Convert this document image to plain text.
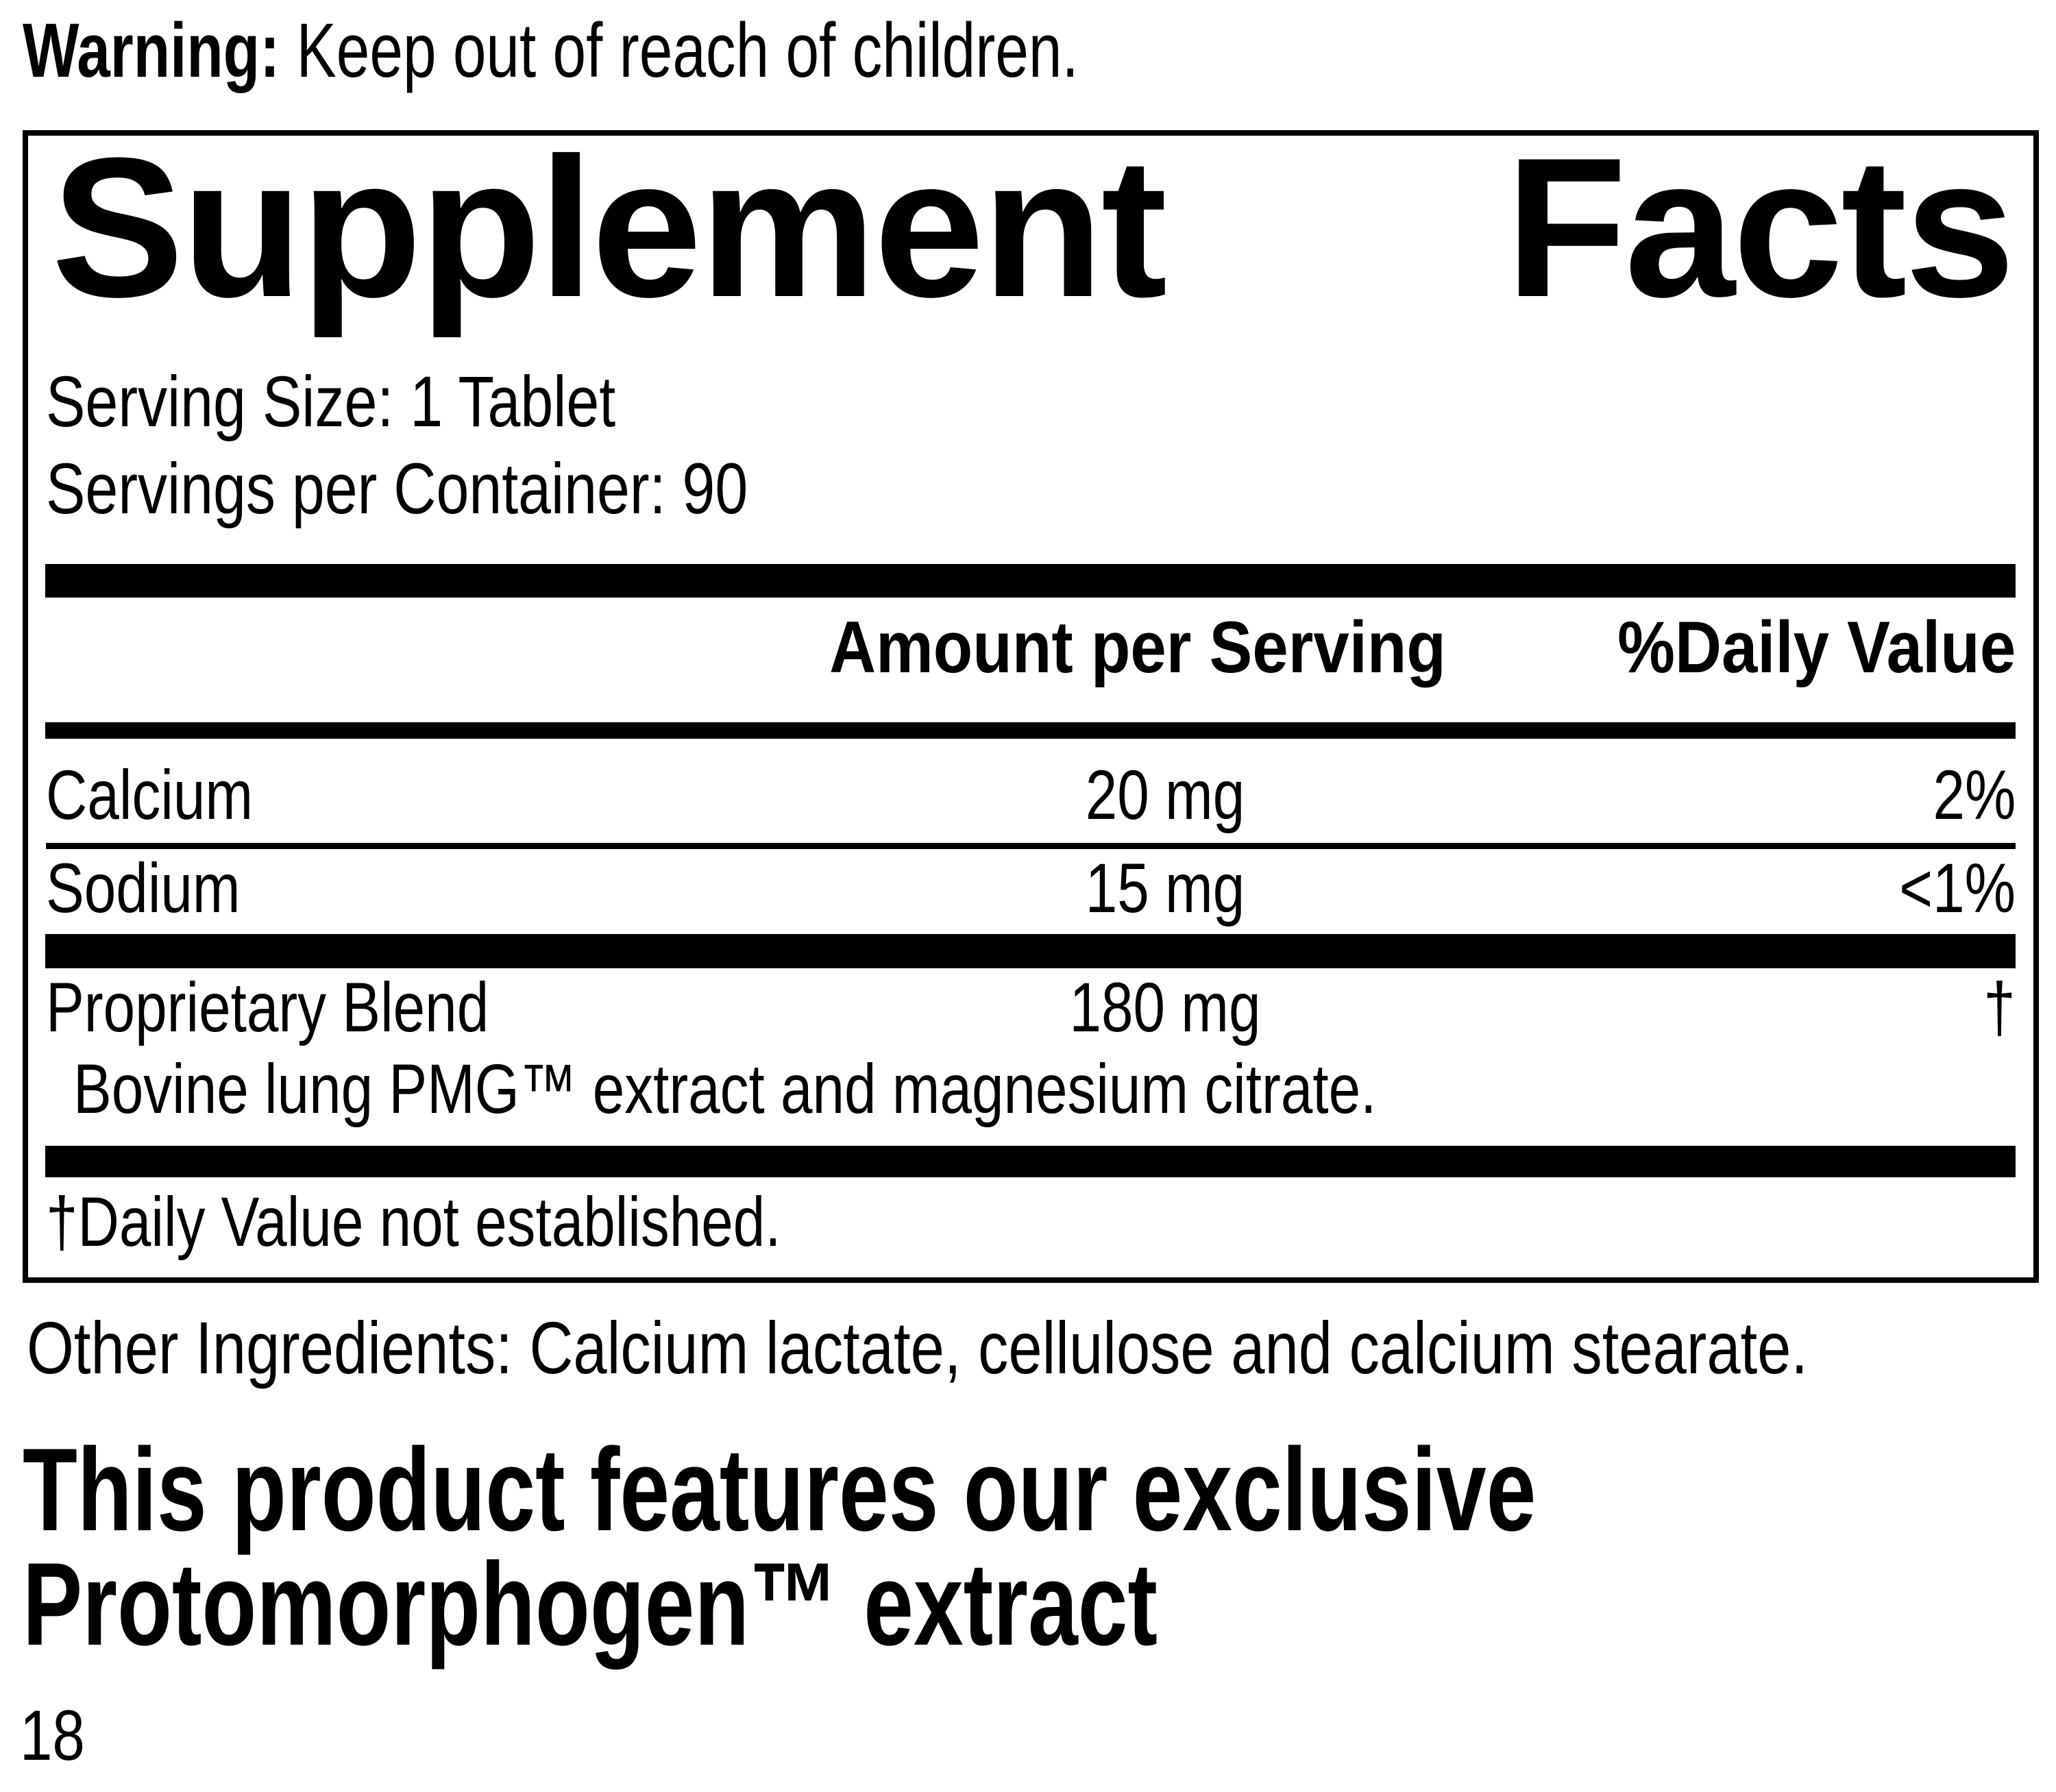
Warning: Keep out of reach of children.
Supplement Facts
Serving Size: 1 Tablet
Servings per Container: 90
Amount per Serving	%Daily Value
Calcium	20 mg	2%
Sodium	15 mg	<1%
Proprietary Blend	180 mg	†
Bovine lung PMG™ extract and magnesium citrate.
†Daily Value not established.
Other Ingredients: Calcium lactate, cellulose and calcium stearate.
This product features our exclusive
Protomorphogen™ extract
18
